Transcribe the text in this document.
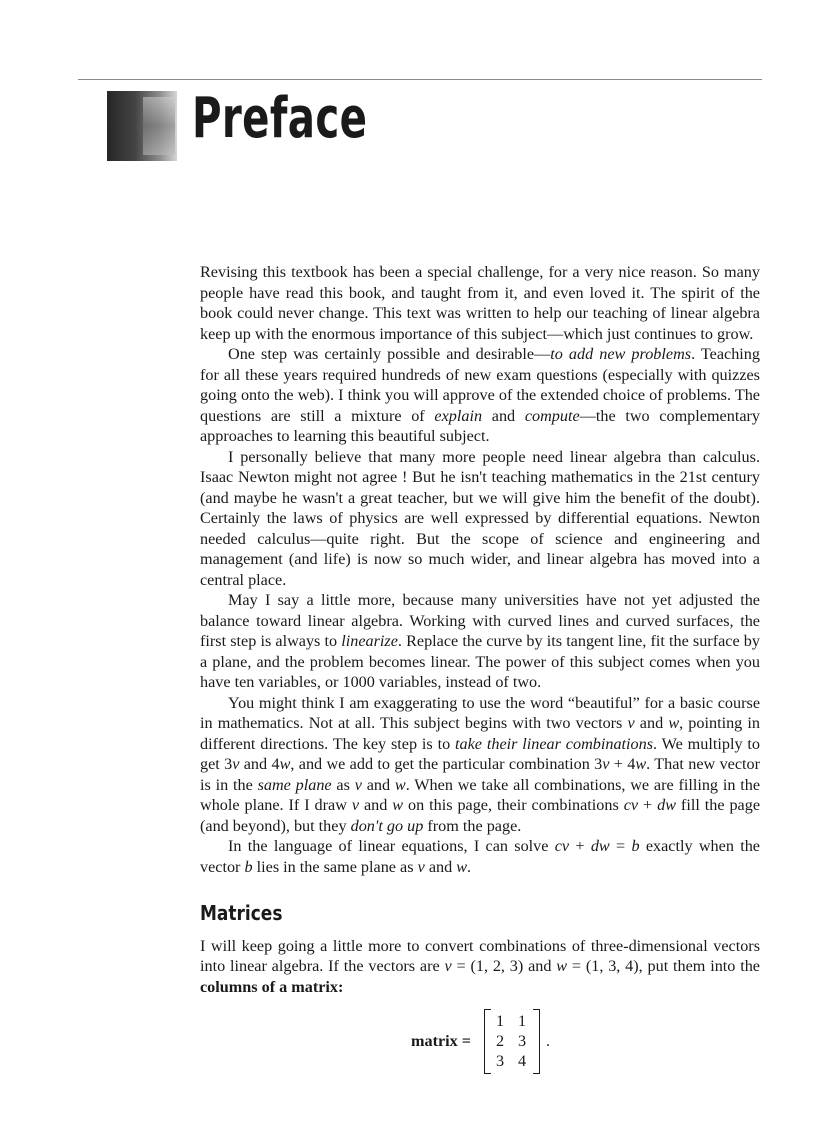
Preface

Revising this textbook has been a special challenge, for a very nice reason. So many people have read this book, and taught from it, and even loved it. The spirit of the book could never change. This text was written to help our teaching of linear algebra keep up with the enormous importance of this subject—which just continues to grow.

One step was certainly possible and desirable—to add new problems. Teaching for all these years required hundreds of new exam questions (especially with quizzes going onto the web). I think you will approve of the extended choice of problems. The questions are still a mixture of explain and compute—the two complementary approaches to learning this beautiful subject.

I personally believe that many more people need linear algebra than calculus. Isaac Newton might not agree ! But he isn't teaching mathematics in the 21st century (and maybe he wasn't a great teacher, but we will give him the benefit of the doubt). Certainly the laws of physics are well expressed by differential equations. Newton needed calculus—quite right. But the scope of science and engineering and management (and life) is now so much wider, and linear algebra has moved into a central place.

May I say a little more, because many universities have not yet adjusted the balance toward linear algebra. Working with curved lines and curved surfaces, the first step is always to linearize. Replace the curve by its tangent line, fit the surface by a plane, and the problem becomes linear. The power of this subject comes when you have ten variables, or 1000 variables, instead of two.

You might think I am exaggerating to use the word “beautiful” for a basic course in mathematics. Not at all. This subject begins with two vectors v and w, pointing in different directions. The key step is to take their linear combinations. We multiply to get 3v and 4w, and we add to get the particular combination 3v + 4w. That new vector is in the same plane as v and w. When we take all combinations, we are filling in the whole plane. If I draw v and w on this page, their combinations cv + dw fill the page (and beyond), but they don't go up from the page.

In the language of linear equations, I can solve cv + dw = b exactly when the vector b lies in the same plane as v and w.

Matrices

I will keep going a little more to convert combinations of three-dimensional vectors into linear algebra. If the vectors are v = (1, 2, 3) and w = (1, 3, 4), put them into the columns of a matrix:

matrix =
1 1
2 3
3 4
.
